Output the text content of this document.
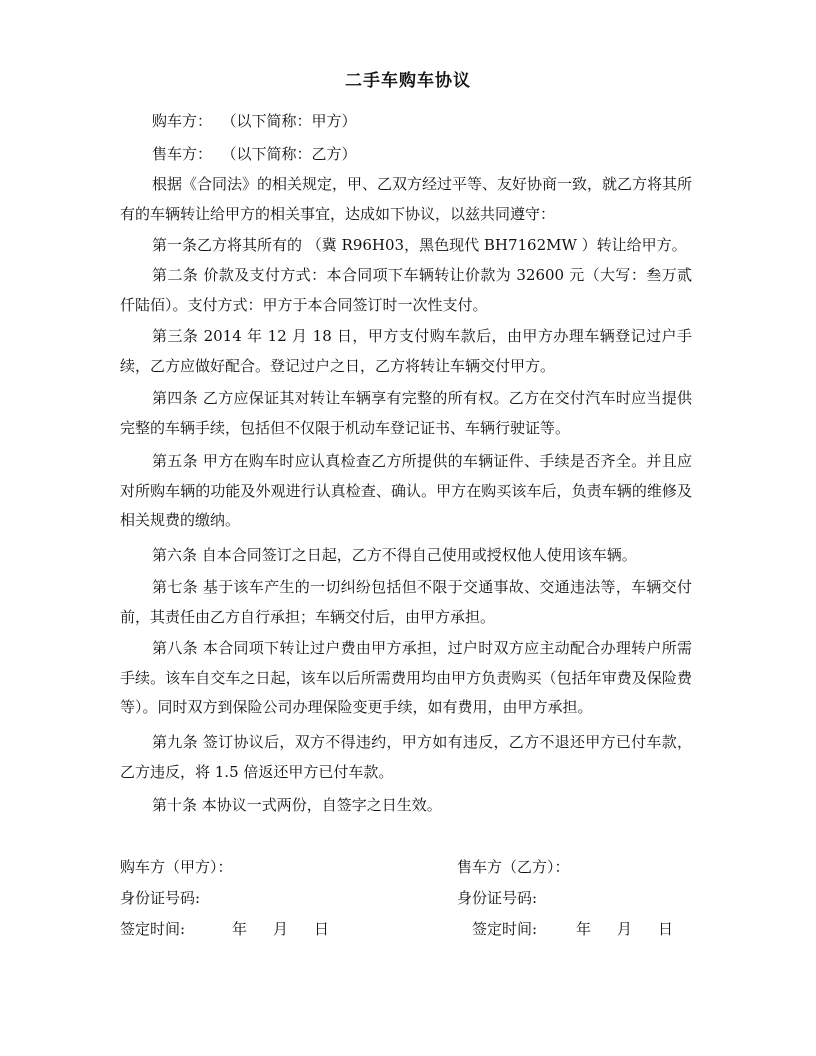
二手车购车协议
购车方：  （以下简称：甲方）
售车方：  （以下简称：乙方）
根据《合同法》的相关规定，甲、乙双方经过平等、友好协商一致，就乙方将其所有的车辆转让给甲方的相关事宜，达成如下协议，以兹共同遵守：
第一条乙方将其所有的 （冀 R96H03，黑色现代 BH7162MW ）转让给甲方。
第二条 价款及支付方式：本合同项下车辆转让价款为 32600 元（大写：叁万贰仟陆佰）。支付方式：甲方于本合同签订时一次性支付。
第三条 2014 年 12 月 18 日，甲方支付购车款后，由甲方办理车辆登记过户手续，乙方应做好配合。登记过户之日，乙方将转让车辆交付甲方。
第四条 乙方应保证其对转让车辆享有完整的所有权。乙方在交付汽车时应当提供完整的车辆手续，包括但不仅限于机动车登记证书、车辆行驶证等。
第五条 甲方在购车时应认真检查乙方所提供的车辆证件、手续是否齐全。并且应对所购车辆的功能及外观进行认真检查、确认。甲方在购买该车后，负责车辆的维修及相关规费的缴纳。
第六条 自本合同签订之日起，乙方不得自己使用或授权他人使用该车辆。
第七条 基于该车产生的一切纠纷包括但不限于交通事故、交通违法等，车辆交付前，其责任由乙方自行承担；车辆交付后，由甲方承担。
第八条 本合同项下转让过户费由甲方承担，过户时双方应主动配合办理转户所需手续。该车自交车之日起，该车以后所需费用均由甲方负责购买（包括年审费及保险费等）。同时双方到保险公司办理保险变更手续，如有费用，由甲方承担。
第九条 签订协议后，双方不得违约，甲方如有违反，乙方不退还甲方已付车款，乙方违反，将 1.5 倍返还甲方已付车款。
第十条 本协议一式两份，自签字之日生效。
购车方（甲方）：	售车方（乙方）：
身份证号码:	身份证号码:
签定时间:	年	月	日	签定时间:	年	月	日
